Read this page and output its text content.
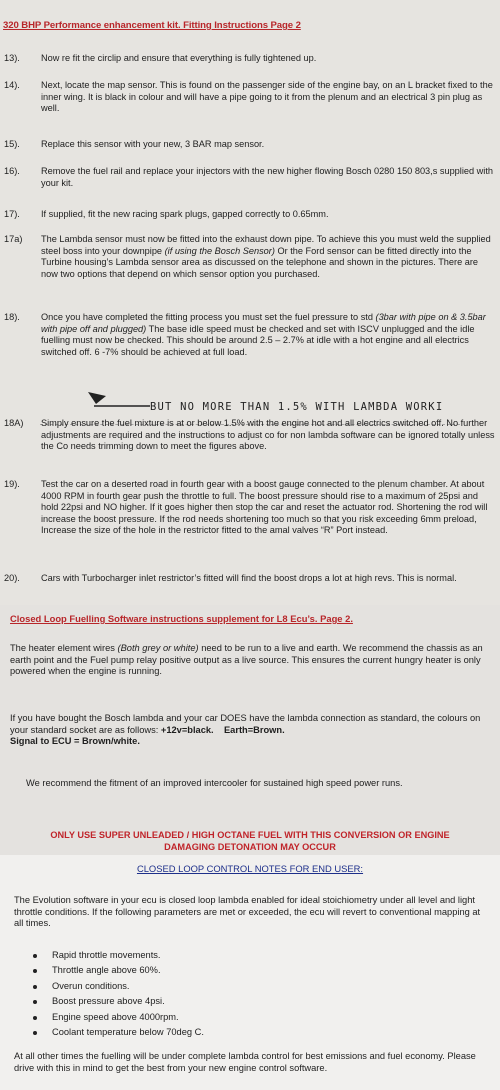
320 BHP Performance enhancement kit. Fitting Instructions Page 2
13).	Now re fit the circlip and ensure that everything is fully tightened up.
14).	Next, locate the map sensor. This is found on the passenger side of the engine bay, on an L bracket fixed to the inner wing. It is black in colour and will have a pipe going to it from the plenum and an electrical 3 pin plug as well.
15).	Replace this sensor with your new, 3 BAR map sensor.
16).	Remove the fuel rail and replace your injectors with the new higher flowing Bosch 0280 150 803,s supplied with your kit.
17).	If supplied, fit the new racing spark plugs, gapped correctly to 0.65mm.
17a)	The Lambda sensor must now be fitted into the exhaust down pipe. To achieve this you must weld the supplied steel boss into your downpipe (if using the Bosch Sensor) Or the Ford sensor can be fitted directly into the Turbine housing’s Lambda sensor area as discussed on the telephone and shown in the pictures. There are now two options that depend on which sensor option you purchased.
18).	Once you have completed the fitting process you must set the fuel pressure to std (3bar with pipe on & 3.5bar with pipe off and plugged) The base idle speed must be checked and set with ISCV unplugged and the idle fuelling must now be checked. This should be around 2.5 – 2.7% at idle with a hot engine and all electrics switched off. 6 -7% should be achieved at full load.
BUT NO MORE THAN 1.5% WITH LAMBDA WORKI
18A)	Simply ensure the fuel mixture is at or below 1.5% with the engine hot and all electrics switched off. No further adjustments are required and the instructions to adjust co for non lambda software can be ignored totally unless the Co needs trimming down to meet the figures above.
19).	Test the car on a deserted road in fourth gear with a boost gauge connected to the plenum chamber. At about 4000 RPM in fourth gear push the throttle to full. The boost pressure should rise to a maximum of 25psi and hold 22psi and NO higher. If it goes higher then stop the car and reset the actuator rod. Shortening the rod will increase the boost pressure. If the rod needs shortening too much so that you risk exceeding 6mm preload, Increase the size of the hole in the restrictor fitted to the amal valves “R” Port instead.
20).	Cars with Turbocharger inlet restrictor’s fitted will find the boost drops a lot at high revs. This is normal.
Closed Loop Fuelling Software instructions supplement for L8 Ecu’s. Page 2.
The heater element wires (Both grey or white) need to be run to a live and earth. We recommend the chassis as an earth point and the Fuel pump relay positive output as a live source. This ensures the current hungry heater is only powered when the engine is running.
If you have bought the Bosch lambda and your car DOES have the lambda connection as standard, the colours on your standard socket are as follows: +12v=black. Earth=Brown.
Signal to ECU = Brown/white.
We recommend the fitment of an improved intercooler for sustained high speed power runs.
ONLY USE SUPER UNLEADED / HIGH OCTANE FUEL WITH THIS CONVERSION OR ENGINE DAMAGING DETONATION MAY OCCUR
CLOSED LOOP CONTROL NOTES FOR END USER:
The Evolution software in your ecu is closed loop lambda enabled for ideal stoichiometry under all level and light throttle conditions. If the following parameters are met or exceeded, the ecu will revert to conventional mapping at all times.
Rapid throttle movements.
Throttle angle above 60%.
Overun conditions.
Boost pressure above 4psi.
Engine speed above 4000rpm.
Coolant temperature below 70deg C.
At all other times the fuelling will be under complete lambda control for best emissions and fuel economy. Please drive with this in mind to get the best from your new engine control software.
